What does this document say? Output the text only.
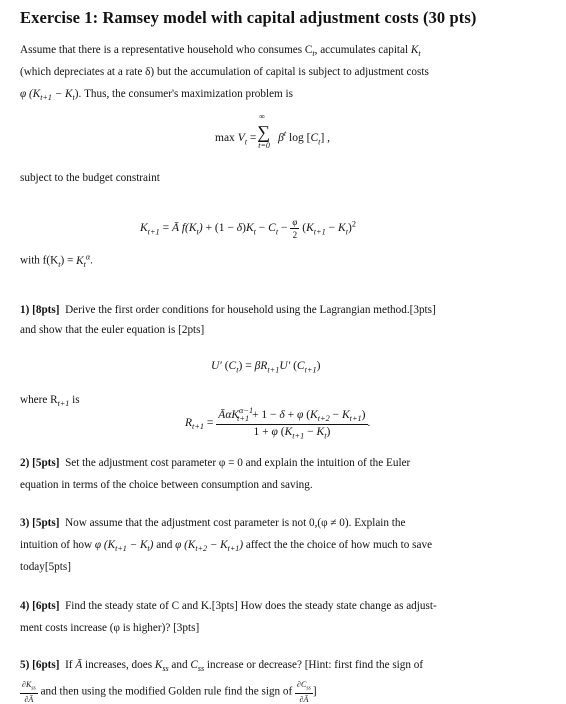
Exercise 1: Ramsey model with capital adjustment costs (30 pts)
Assume that there is a representative household who consumes $C_t$, accumulates capital $K_t$
(which depreciates at a rate δ) but the accumulation of capital is subject to adjustment costs
φ $(K_{t+1} - K_t)$. Thus, the consumer's maximization problem is
$\max V_t$ =
∞
∑
t=0
$\beta^t$ $\log [C_t]$ ,
subject to the budget constraint
$K_{t+1}$ = Ā $f(K_t) + (1 - \delta)K_t - C_t - \frac{\varphi}{2} (K_{t+1} - K_t)^2$
with $f(K_t) = K_t^\alpha$.
1) [8pts] Derive the first order conditions for household using the Lagrangian method.[3pts]
and show that the euler equation is [2pts]
U′ $(C_t) = \beta R_{t+1}U'$ $(C_{t+1})$
where $R_{t+1}$ is
$R_{t+1} = \frac{Ā\alpha K^{\alpha-1}_{t+1} + 1 - \delta + \varphi (K_{t+2} - K_{t+1})}{1 + \varphi (K_{t+1} - K_t)}$ .
2) [5pts] Set the adjustment cost parameter φ = 0 and explain the intuition of the Euler
equation in terms of the choice between consumption and saving.
3) [5pts] Now assume that the adjustment cost parameter is not 0,(φ ≠ 0). Explain the
intuition of how φ $(K_{t+1} - K_t)$ and φ $(K_{t+2} - K_{t+1})$ affect the the choice of how much to save
today[5pts]
4) [6pts] Find the steady state of C and K.[3pts] How does the steady state change as adjust-
ment costs increase (φ is higher)? [3pts]
5) [6pts]  If Ā increases, does $K_{ss}$ and $C_{ss}$ increase or decrease? [Hint: first find the sign of
$\frac{\partial K_{ss}}{\partial Ā}$ and then using the modified Golden rule find the sign of $\frac{\partial C_{ss}}{\partial Ā}$ ]
